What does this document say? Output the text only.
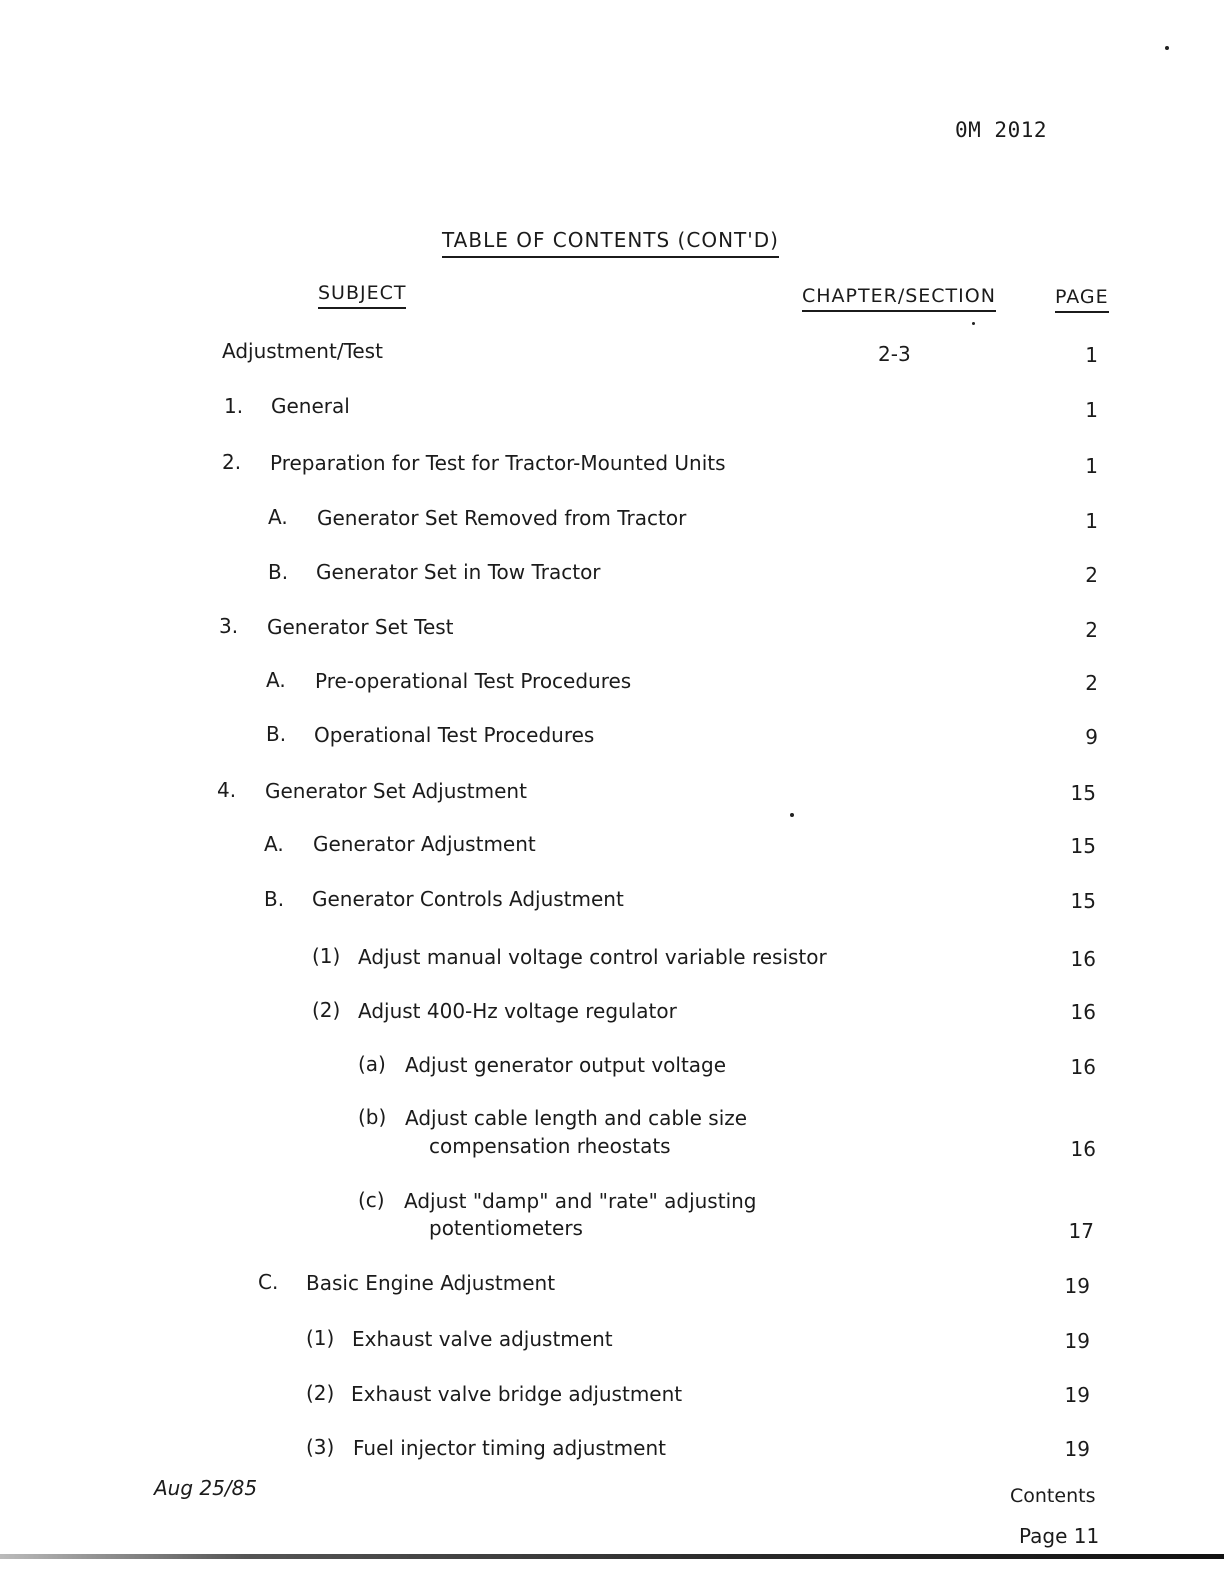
0M 2012
TABLE OF CONTENTS (CONT'D)
SUBJECT	CHAPTER/SECTION	PAGE
Adjustment/Test	2-3	1
1. General	1
2. Preparation for Test for Tractor-Mounted Units	1
A. Generator Set Removed from Tractor	1
B. Generator Set in Tow Tractor	2
3. Generator Set Test	2
A. Pre-operational Test Procedures	2
B. Operational Test Procedures	9
4. Generator Set Adjustment	15
A. Generator Adjustment	15
B. Generator Controls Adjustment	15
(1) Adjust manual voltage control variable resistor	16
(2) Adjust 400-Hz voltage regulator	16
(a) Adjust generator output voltage	16
(b) Adjust cable length and cable size
compensation rheostats	16
(c) Adjust "damp" and "rate" adjusting
potentiometers	17
C. Basic Engine Adjustment	19
(1) Exhaust valve adjustment	19
(2) Exhaust valve bridge adjustment	19
(3) Fuel injector timing adjustment	19
Aug 25/85	Contents
Page 11
